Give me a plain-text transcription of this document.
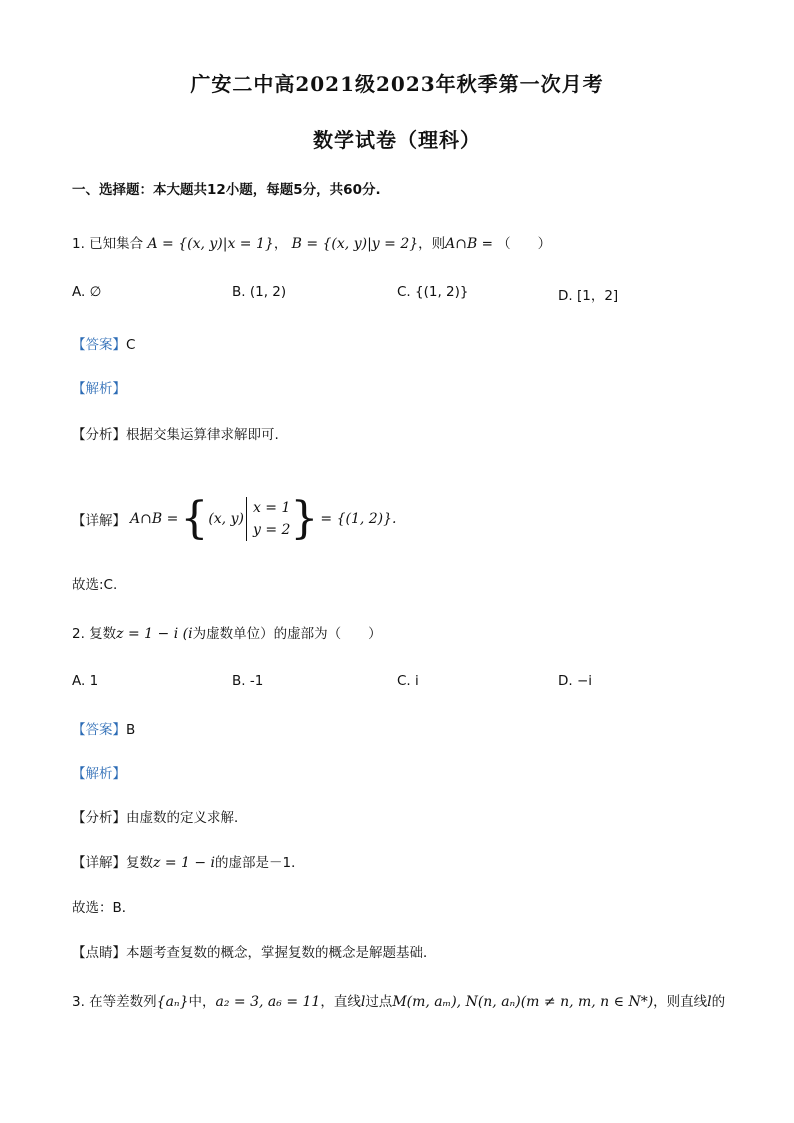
广安二中高2021级2023年秋季第一次月考
数学试卷（理科）
一、选择题：本大题共12小题，每题5分，共60分.
1. 已知集合 A = {(x, y)|x = 1}， B = {(x, y)|y = 2}，则A∩B = （　　）
A. ∅	B. (1, 2)	C. {(1, 2)}	D. [1，2]
【答案】C
【解析】
【分析】根据交集运算律求解即可.
【详解】 A∩B = { (x, y)
x = 1
y = 2 } = {(1, 2)}.
故选:C.
2. 复数z = 1 − i (i为虚数单位）的虚部为（　　）
A. 1	B. -1	C. i	D. −i
【答案】B
【解析】
【分析】由虚数的定义求解．
【详解】复数z = 1 − i的虚部是－1．
故选：B．
【点睛】本题考查复数的概念，掌握复数的概念是解题基础．
3. 在等差数列{aₙ}中，a₂ = 3, a₆ = 11，直线l过点M(m, aₘ), N(n, aₙ)(m ≠ n, m, n ∈ N*)，则直线l的
